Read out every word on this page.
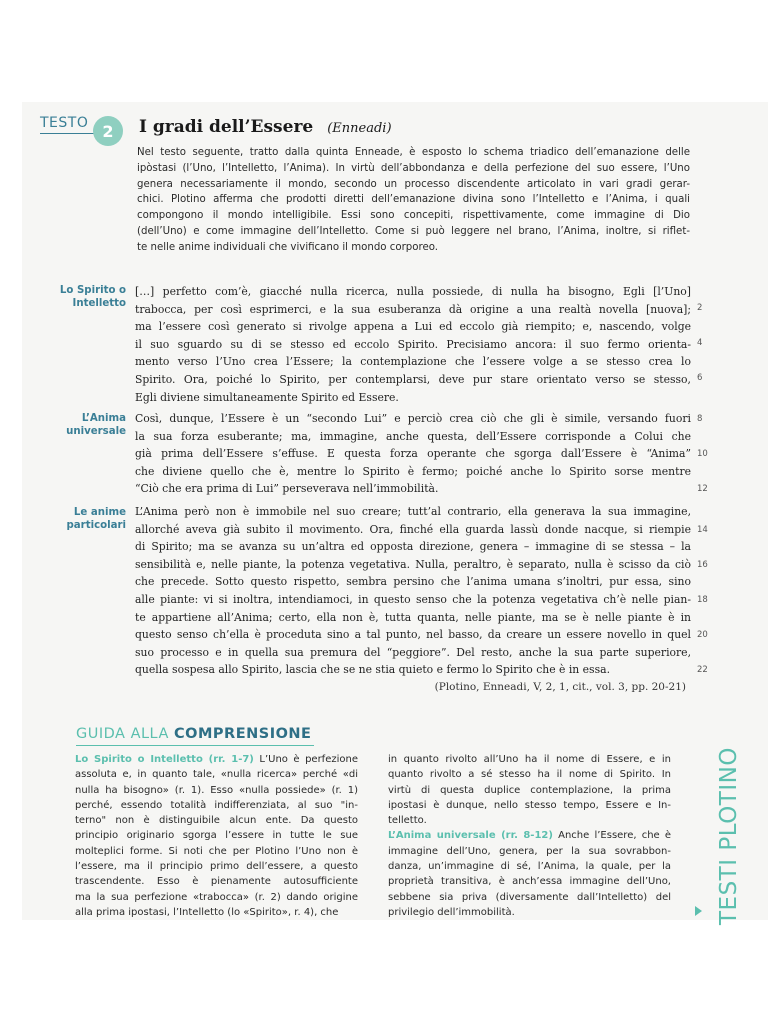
TESTO 2	I gradi dell’Essere (Enneadi)
Nel testo seguente, tratto dalla quinta Enneade, è esposto lo schema triadico dell’emanazione delle
ipòstasi (l’Uno, l’Intelletto, l’Anima). In virtù dell’abbondanza e della perfezione del suo essere, l’Uno
genera necessariamente il mondo, secondo un processo discendente articolato in vari gradi gerar-
chici. Plotino afferma che prodotti diretti dell’emanazione divina sono l’Intelletto e l’Anima, i quali
compongono il mondo intelligibile. Essi sono concepiti, rispettivamente, come immagine di Dio
(dell’Uno) e come immagine dell’Intelletto. Come si può leggere nel brano, l’Anima, inoltre, si riflet-
te nelle anime individuali che vivificano il mondo corporeo.
Lo Spirito o
Intelletto
[…] perfetto com’è, giacché nulla ricerca, nulla possiede, di nulla ha bisogno, Egli [l’Uno]
trabocca, per così esprimerci, e la sua esuberanza dà origine a una realtà novella [nuova];
ma l’essere così generato si rivolge appena a Lui ed eccolo già riempito; e, nascendo, volge
il suo sguardo su di se stesso ed eccolo Spirito. Precisiamo ancora: il suo fermo orienta-
mento verso l’Uno crea l’Essere; la contemplazione che l’essere volge a se stesso crea lo
Spirito. Ora, poiché lo Spirito, per contemplarsi, deve pur stare orientato verso se stesso,
Egli diviene simultaneamente Spirito ed Essere.
L’Anima
universale
Così, dunque, l’Essere è un “secondo Lui” e perciò crea ciò che gli è simile, versando fuori
la sua forza esuberante; ma, immagine, anche questa, dell’Essere corrisponde a Colui che
già prima dell’Essere s’effuse. E questa forza operante che sgorga dall’Essere è “Anima”
che diviene quello che è, mentre lo Spirito è fermo; poiché anche lo Spirito sorse mentre
“Ciò che era prima di Lui” perseverava nell’immobilità.
Le anime
particolari
L’Anima però non è immobile nel suo creare; tutt’al contrario, ella generava la sua immagine,
allorché aveva già subito il movimento. Ora, finché ella guarda lassù donde nacque, si riempie
di Spirito; ma se avanza su un’altra ed opposta direzione, genera – immagine di se stessa – la
sensibilità e, nelle piante, la potenza vegetativa. Nulla, peraltro, è separato, nulla è scisso da ciò
che precede. Sotto questo rispetto, sembra persino che l’anima umana s’inoltri, pur essa, sino
alle piante: vi si inoltra, intendiamoci, in questo senso che la potenza vegetativa ch’è nelle pian-
te appartiene all’Anima; certo, ella non è, tutta quanta, nelle piante, ma se è nelle piante è in
questo senso ch’ella è proceduta sino a tal punto, nel basso, da creare un essere novello in quel
suo processo e in quella sua premura del “peggiore”. Del resto, anche la sua parte superiore,
quella sospesa allo Spirito, lascia che se ne stia quieto e fermo lo Spirito che è in essa.
2
4
6
8
10
12
14
16
18
20
22
(Plotino, Enneadi, V, 2, 1, cit., vol. 3, pp. 20-21)
GUIDA ALLA COMPRENSIONE
Lo Spirito o Intelletto (rr. 1-7) L’Uno è perfezione
assoluta e, in quanto tale, «nulla ricerca» perché «di
nulla ha bisogno» (r. 1). Esso «nulla possiede» (r. 1)
perché, essendo totalità indifferenziata, al suo "in-
terno" non è distinguibile alcun ente. Da questo
principio originario sgorga l’essere in tutte le sue
molteplici forme. Si noti che per Plotino l’Uno non è
l’essere, ma il principio primo dell’essere, a questo
trascendente. Esso è pienamente autosufficiente
ma la sua perfezione «trabocca» (r. 2) dando origine
alla prima ipostasi, l’Intelletto (lo «Spirito», r. 4), che
in quanto rivolto all’Uno ha il nome di Essere, e in
quanto rivolto a sé stesso ha il nome di Spirito. In
virtù di questa duplice contemplazione, la prima
ipostasi è dunque, nello stesso tempo, Essere e In-
telletto.
L’Anima universale (rr. 8-12) Anche l’Essere, che è
immagine dell’Uno, genera, per la sua sovrabbon-
danza, un’immagine di sé, l’Anima, la quale, per la
proprietà transitiva, è anch’essa immagine dell’Uno,
sebbene sia priva (diversamente dall’Intelletto) del
privilegio dell’immobilità.	TESTI PLOTINO
